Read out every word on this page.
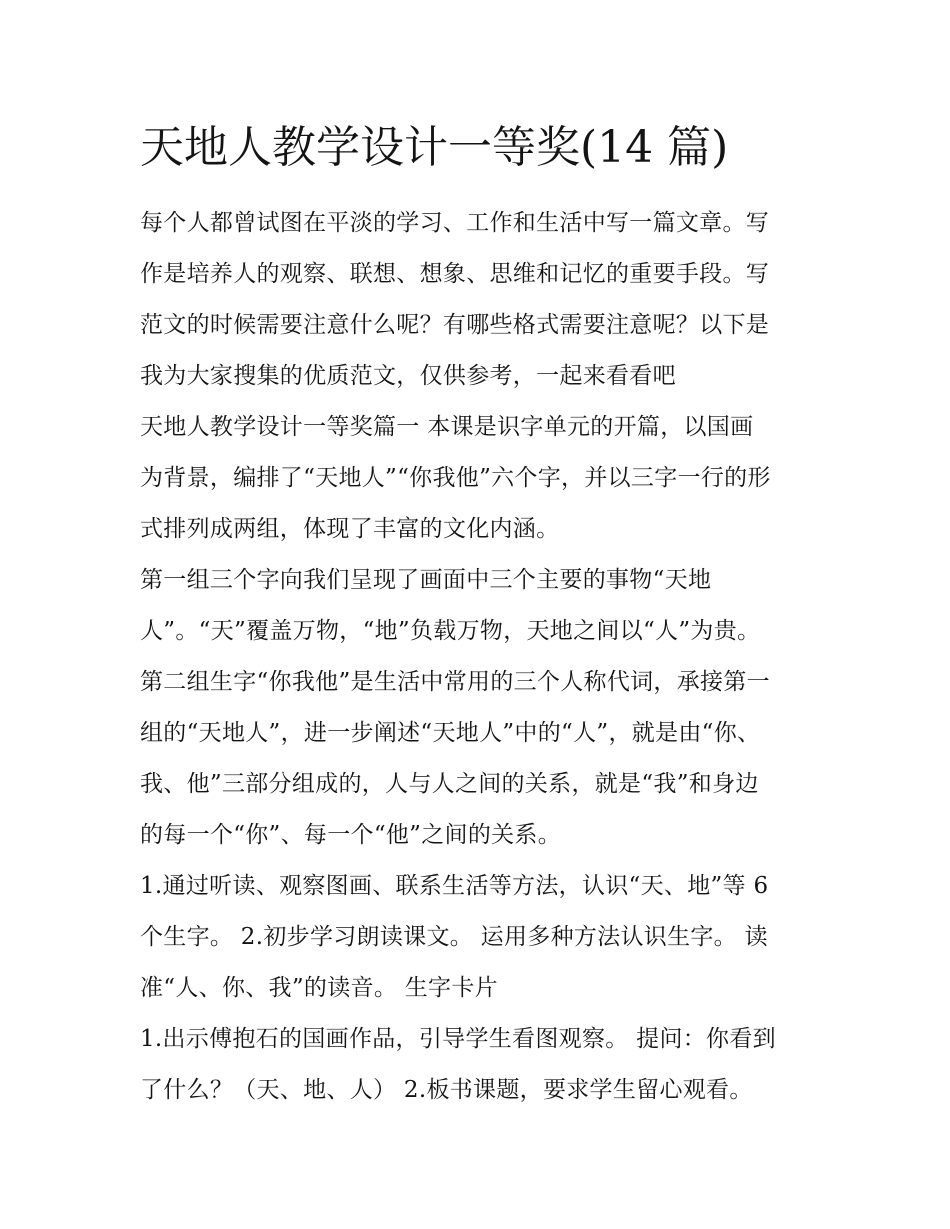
天地人教学设计一等奖(14 篇)
每个人都曾试图在平淡的学习、工作和生活中写一篇文章。写
作是培养人的观察、联想、想象、思维和记忆的重要手段。写
范文的时候需要注意什么呢？有哪些格式需要注意呢？以下是
我为大家搜集的优质范文，仅供参考，一起来看看吧
天地人教学设计一等奖篇一 本课是识字单元的开篇，以国画
为背景，编排了“天地人”“你我他”六个字，并以三字一行的形
式排列成两组，体现了丰富的文化内涵。
第一组三个字向我们呈现了画面中三个主要的事物“天地
人”。“天”覆盖万物，“地”负载万物，天地之间以“人”为贵。
第二组生字“你我他”是生活中常用的三个人称代词，承接第一
组的“天地人”，进一步阐述“天地人”中的“人”，就是由“你、
我、他”三部分组成的，人与人之间的关系，就是“我”和身边
的每一个“你”、每一个“他”之间的关系。
1.通过听读、观察图画、联系生活等方法，认识“天、地”等 6
个生字。 2.初步学习朗读课文。 运用多种方法认识生字。 读
准“人、你、我”的读音。 生字卡片
1.出示傅抱石的国画作品，引导学生看图观察。 提问：你看到
了什么？（天、地、人） 2.板书课题，要求学生留心观看。
